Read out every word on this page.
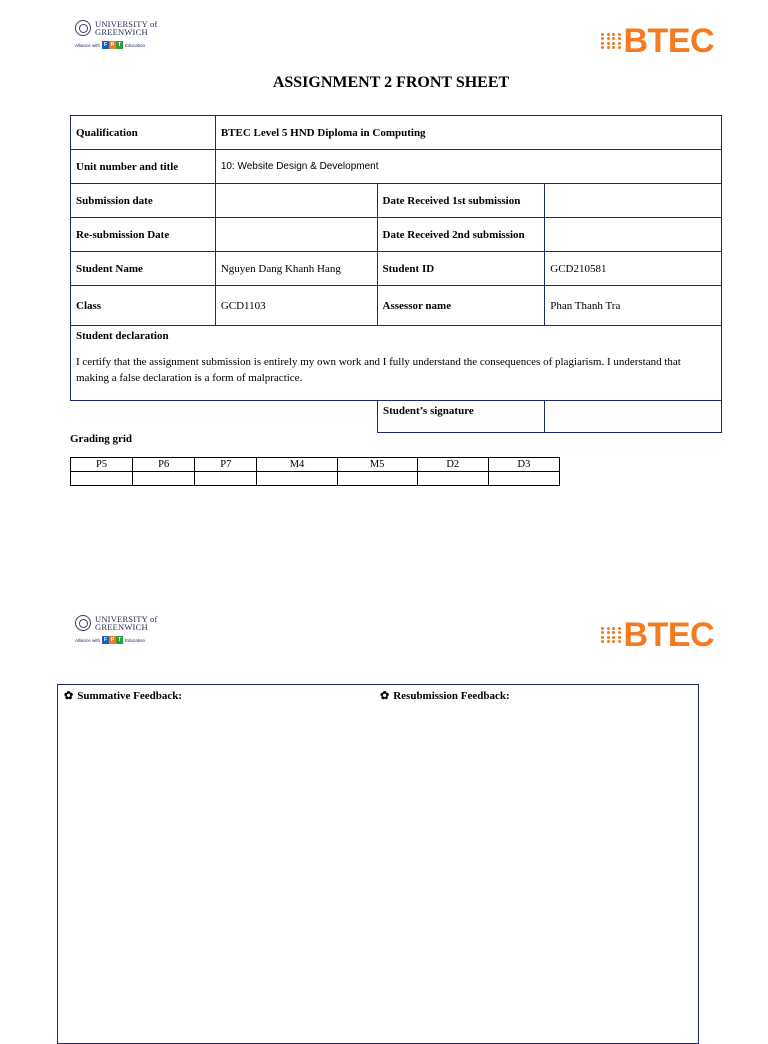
UNIVERSITY of
GREENWICH
Alliance with F P T Education	BTEC
ASSIGNMENT 2 FRONT SHEET
Qualification	BTEC Level 5 HND Diploma in Computing		
Unit number and title	10: Website Design & Development		
Submission date		Date Received 1st submission	
Re-submission Date		Date Received 2nd submission	
Student Name	Nguyen Dang Khanh Hang	Student ID	GCD210581
Class	GCD1103	Assessor name	Phan Thanh Tra

Student declaration
I certify that the assignment submission is entirely my own work and I fully understand the consequences of plagiarism. I understand that making a false declaration is a form of malpractice.			
Student’s signature
Grading grid
P5	P6	P7	M4	M5	D2	D3

UNIVERSITY of
GREENWICH
Alliance with F P T Education	BTEC
✿ Summative Feedback:	✿ Resubmission Feedback:
